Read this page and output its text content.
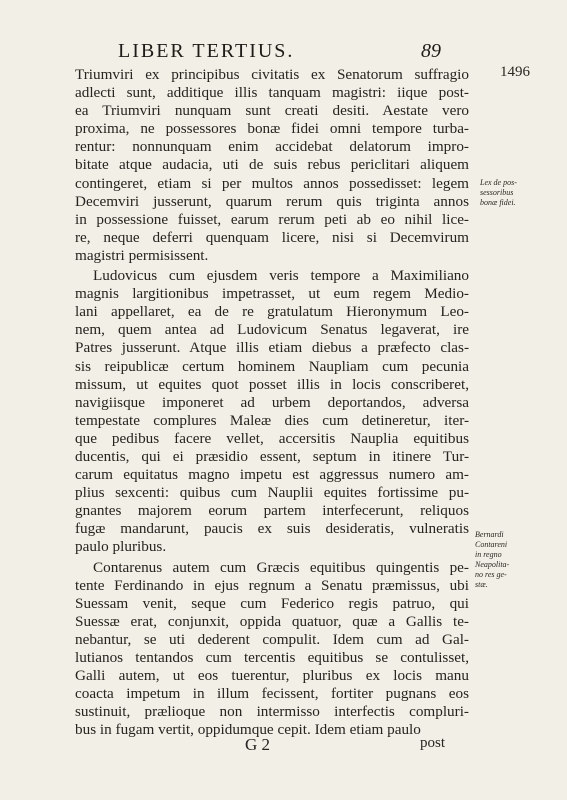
LIBER TERTIUS.	89
1496
Triumviri ex principibus civitatis ex Senatorum suffragio
adlecti sunt, additique illis tanquam magistri: iique post-
ea Triumviri nunquam sunt creati desiti. Aestate vero
proxima, ne possessores bonæ fidei omni tempore turba-
rentur: nonnunquam enim accidebat delatorum impro-
bitate atque audacia, uti de suis rebus periclitari aliquem
contingeret, etiam si per multos annos possedisset: legem
Decemviri jusserunt, quarum rerum quis triginta annos
in possessione fuisset, earum rerum peti ab eo nihil lice-
re, neque deferri quenquam licere, nisi si Decemvirum
magistri permisissent.
Ludovicus cum ejusdem veris tempore a Maximiliano
magnis largitionibus impetrasset, ut eum regem Medio-
lani appellaret, ea de re gratulatum Hieronymum Leo-
nem, quem antea ad Ludovicum Senatus legaverat, ire
Patres jusserunt. Atque illis etiam diebus a præfecto clas-
sis reipublicæ certum hominem Naupliam cum pecunia
missum, ut equites quot posset illis in locis conscriberet,
navigiisque imponeret ad urbem deportandos, adversa
tempestate complures Maleæ dies cum detineretur, iter-
que pedibus facere vellet, accersitis Nauplia equitibus
ducentis, qui ei præsidio essent, septum in itinere Tur-
carum equitatus magno impetu est aggressus numero am-
plius sexcenti: quibus cum Nauplii equites fortissime pu-
gnantes majorem eorum partem interfecerunt, reliquos
fugæ mandarunt, paucis ex suis desideratis, vulneratis
paulo pluribus.
Contarenus autem cum Græcis equitibus quingentis pe-
tente Ferdinando in ejus regnum a Senatu præmissus, ubi
Suessam venit, seque cum Federico regis patruo, qui
Suessæ erat, conjunxit, oppida quatuor, quæ a Gallis te-
nebantur, se uti dederent compulit. Idem cum ad Gal-
lutianos tentandos cum tercentis equitibus se contulisset,
Galli autem, ut eos tuerentur, pluribus ex locis manu
coacta impetum in illum fecissent, fortiter pugnans eos
sustinuit, prælioque non intermisso interfectis compluri-
bus in fugam vertit, oppidumque cepit. Idem etiam paulo
Lex de pos-
sessoribus
bonæ fidei.
Bernardi
Contareni
in regno
Neapolita-
no res ge-
stæ.
G 2	post
